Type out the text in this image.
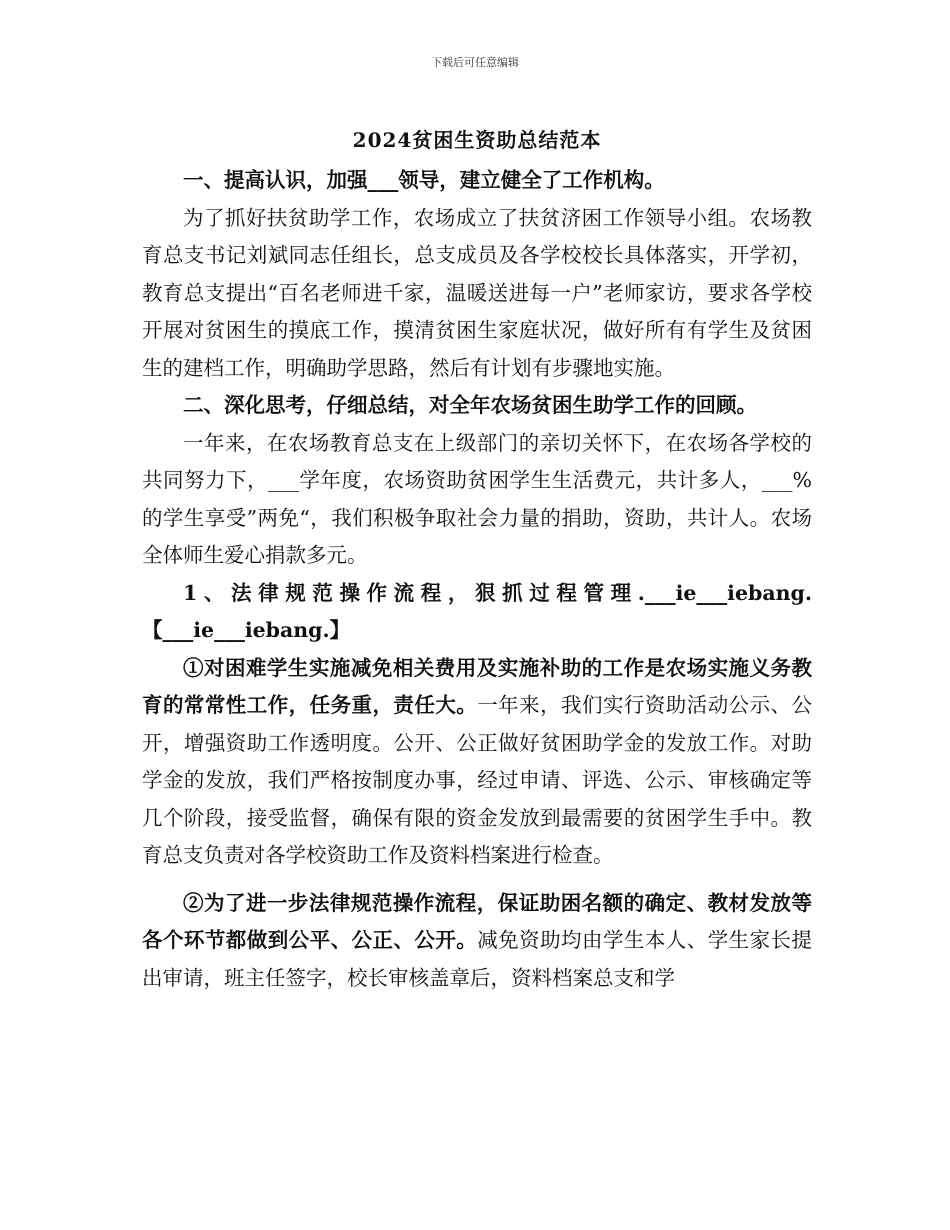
下载后可任意编辑
2024贫困生资助总结范本

一、提高认识，加强___领导，建立健全了工作机构。

为了抓好扶贫助学工作，农场成立了扶贫济困工作领导小组。农场教育总支书记刘斌同志任组长，总支成员及各学校校长具体落实，开学初，教育总支提出“百名老师进千家，温暖送进每一户”老师家访，要求各学校开展对贫困生的摸底工作，摸清贫困生家庭状况，做好所有有学生及贫困生的建档工作，明确助学思路，然后有计划有步骤地实施。

二、深化思考，仔细总结，对全年农场贫困生助学工作的回顾。

一年来，在农场教育总支在上级部门的亲切关怀下，在农场各学校的共同努力下，___学年度，农场资助贫困学生生活费元，共计多人，___%的学生享受”两免“，我们积极争取社会力量的捐助，资助，共计人。农场全体师生爱心捐款多元。

1、法律规范操作流程，狠抓过程管理.___ie___iebang.【___ie___iebang.】

①对困难学生实施减免相关费用及实施补助的工作是农场实施义务教育的常常性工作，任务重，责任大。一年来，我们实行资助活动公示、公开，增强资助工作透明度。公开、公正做好贫困助学金的发放工作。对助学金的发放，我们严格按制度办事，经过申请、评选、公示、审核确定等几个阶段，接受监督，确保有限的资金发放到最需要的贫困学生手中。教育总支负责对各学校资助工作及资料档案进行检查。

②为了进一步法律规范操作流程，保证助困名额的确定、教材发放等各个环节都做到公平、公正、公开。减免资助均由学生本人、学生家长提出审请，班主任签字，校长审核盖章后，资料档案总支和学
